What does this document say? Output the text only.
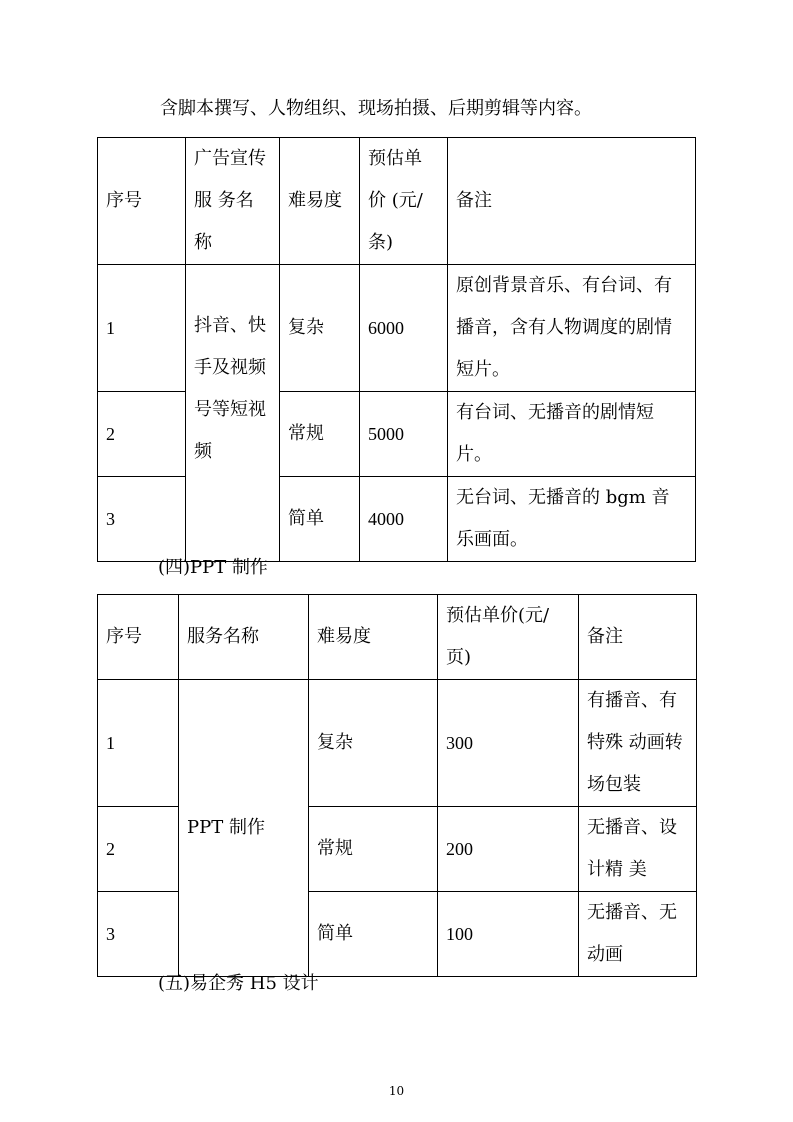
含脚本撰写、人物组织、现场拍摄、后期剪辑等内容。
序号	广告宣传服 务名称	难易度	预估单价 (元/条)	备注
1	抖音、快手及视频号等短视频	复杂	6000	原创背景音乐、有台词、有播音，含有人物调度的剧情短片。
2		常规	5000	有台词、无播音的剧情短片。
3		简单	4000	无台词、无播音的 bgm 音乐画面。
(四)PPT 制作
序号	服务名称	难易度	预估单价(元/页)	备注
1	PPT 制作	复杂	300	有播音、有特殊 动画转场包装
2		常规	200	无播音、设计精 美
3		简单	100	无播音、无动画
(五)易企秀 H5 设计
10
